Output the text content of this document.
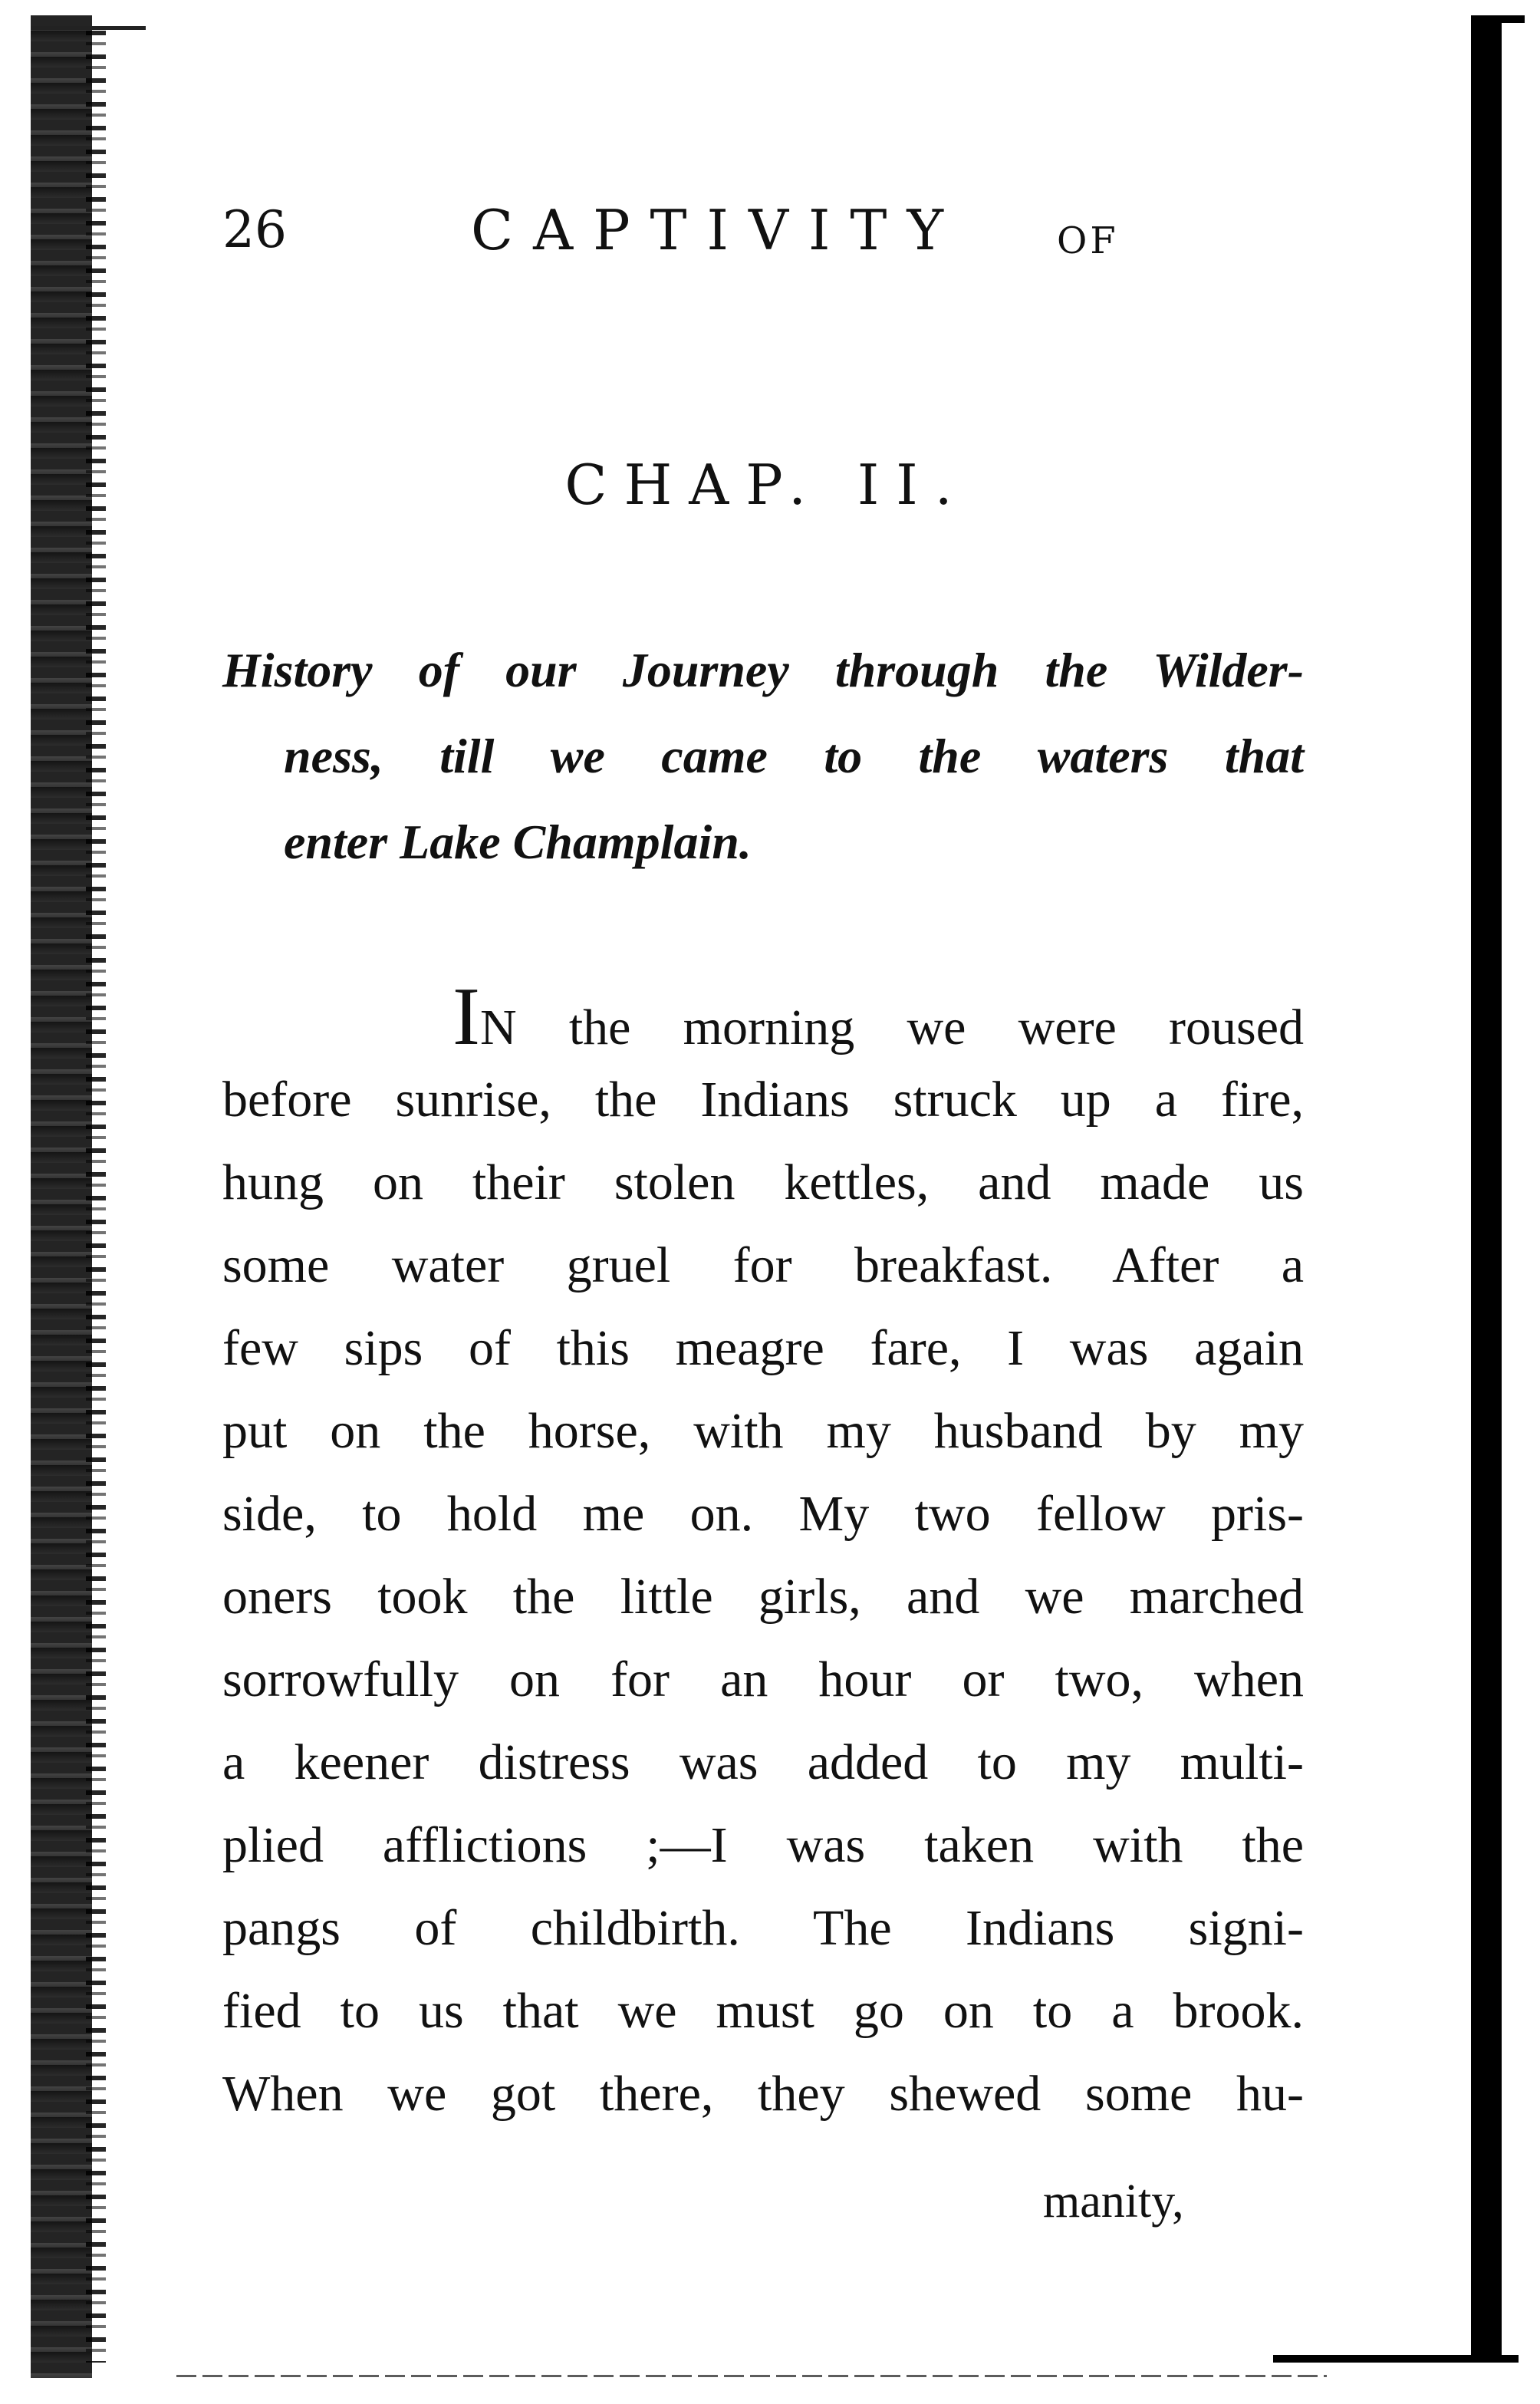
26	CAPTIVITY	OF
CHAP. II.
History of our Journey through the Wilder-
ness, till we came to the waters that
enter Lake Champlain.
IN the morning we were roused
before sunrise, the Indians struck up a fire,
hung on their stolen kettles, and made us
some water gruel for breakfast. After a
few sips of this meagre fare, I was again
put on the horse, with my husband by my
side, to hold me on. My two fellow pris-
oners took the little girls, and we marched
sorrowfully on for an hour or two, when
a keener distress was added to my multi-
plied afflictions ;—I was taken with the
pangs of childbirth. The Indians signi-
fied to us that we must go on to a brook.
When we got there, they shewed some hu-
manity,
